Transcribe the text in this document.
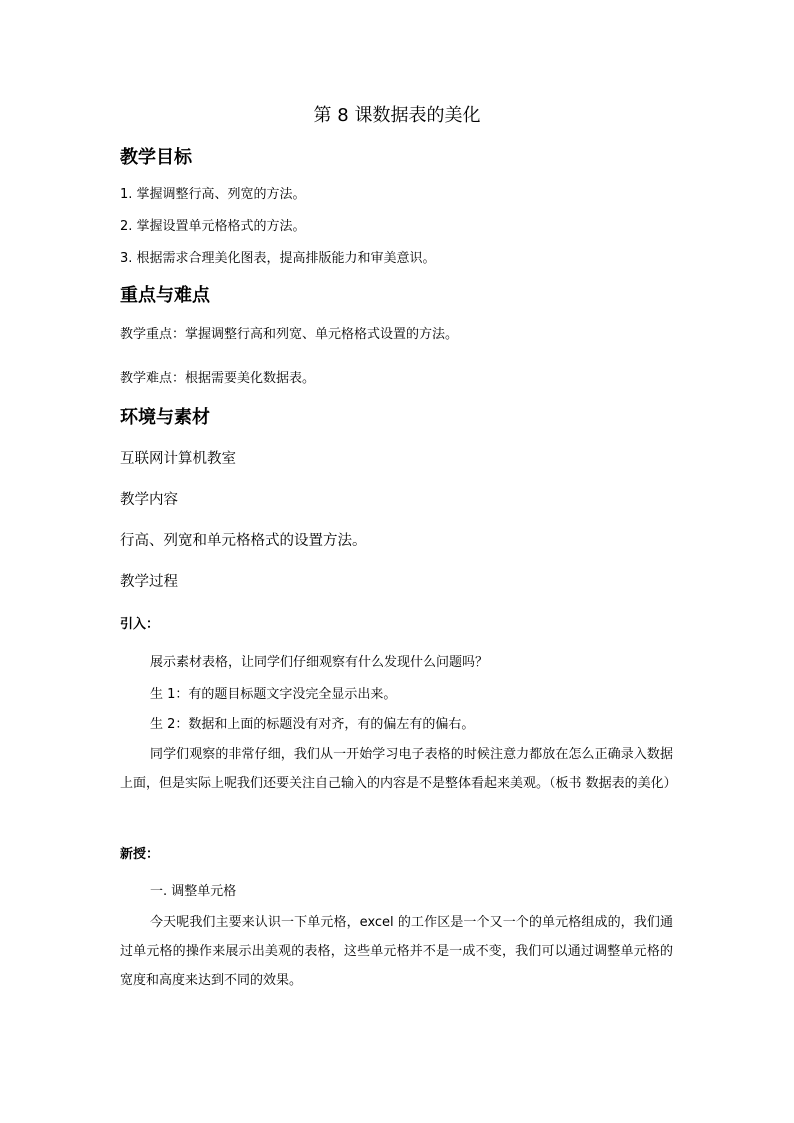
第 8 课数据表的美化
教学目标
1. 掌握调整行高、列宽的方法。
2. 掌握设置单元格格式的方法。
3. 根据需求合理美化图表，提高排版能力和审美意识。
重点与难点
教学重点：掌握调整行高和列宽、单元格格式设置的方法。
教学难点：根据需要美化数据表。
环境与素材
互联网计算机教室
教学内容
行高、列宽和单元格格式的设置方法。
教学过程
引入：
展示素材表格，让同学们仔细观察有什么发现什么问题吗？
生 1：有的题目标题文字没完全显示出来。
生 2：数据和上面的标题没有对齐，有的偏左有的偏右。
同学们观察的非常仔细，我们从一开始学习电子表格的时候注意力都放在怎么正确录入数据上面，但是实际上呢我们还要关注自己输入的内容是不是整体看起来美观。（板书 数据表的美化）
新授：
一. 调整单元格
今天呢我们主要来认识一下单元格，excel 的工作区是一个又一个的单元格组成的，我们通过单元格的操作来展示出美观的表格，这些单元格并不是一成不变，我们可以通过调整单元格的宽度和高度来达到不同的效果。
